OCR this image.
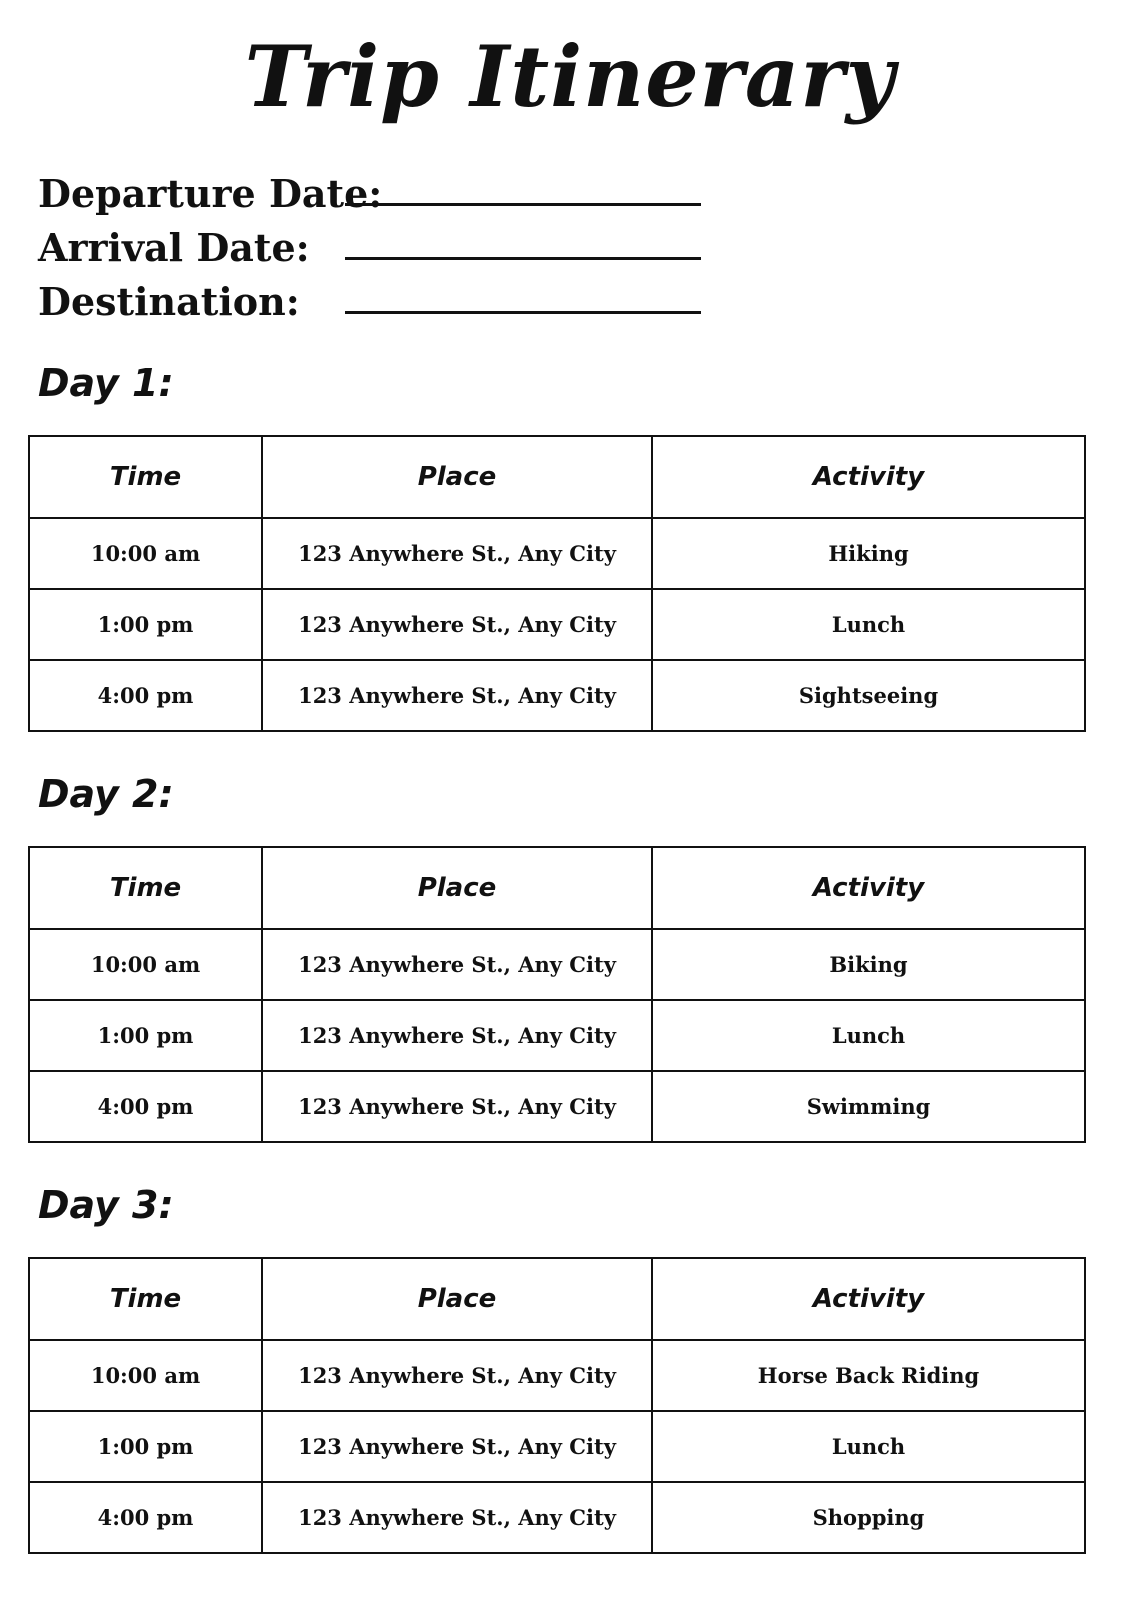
Trip Itinerary
Departure Date:
Arrival Date:
Destination:
Day 1:
Time	Place	Activity
10:00 am	123 Anywhere St., Any City	Hiking
1:00 pm	123 Anywhere St., Any City	Lunch
4:00 pm	123 Anywhere St., Any City	Sightseeing
Day 2:
Time	Place	Activity
10:00 am	123 Anywhere St., Any City	Biking
1:00 pm	123 Anywhere St., Any City	Lunch
4:00 pm	123 Anywhere St., Any City	Swimming
Day 3:
Time	Place	Activity
10:00 am	123 Anywhere St., Any City	Horse Back Riding
1:00 pm	123 Anywhere St., Any City	Lunch
4:00 pm	123 Anywhere St., Any City	Shopping
